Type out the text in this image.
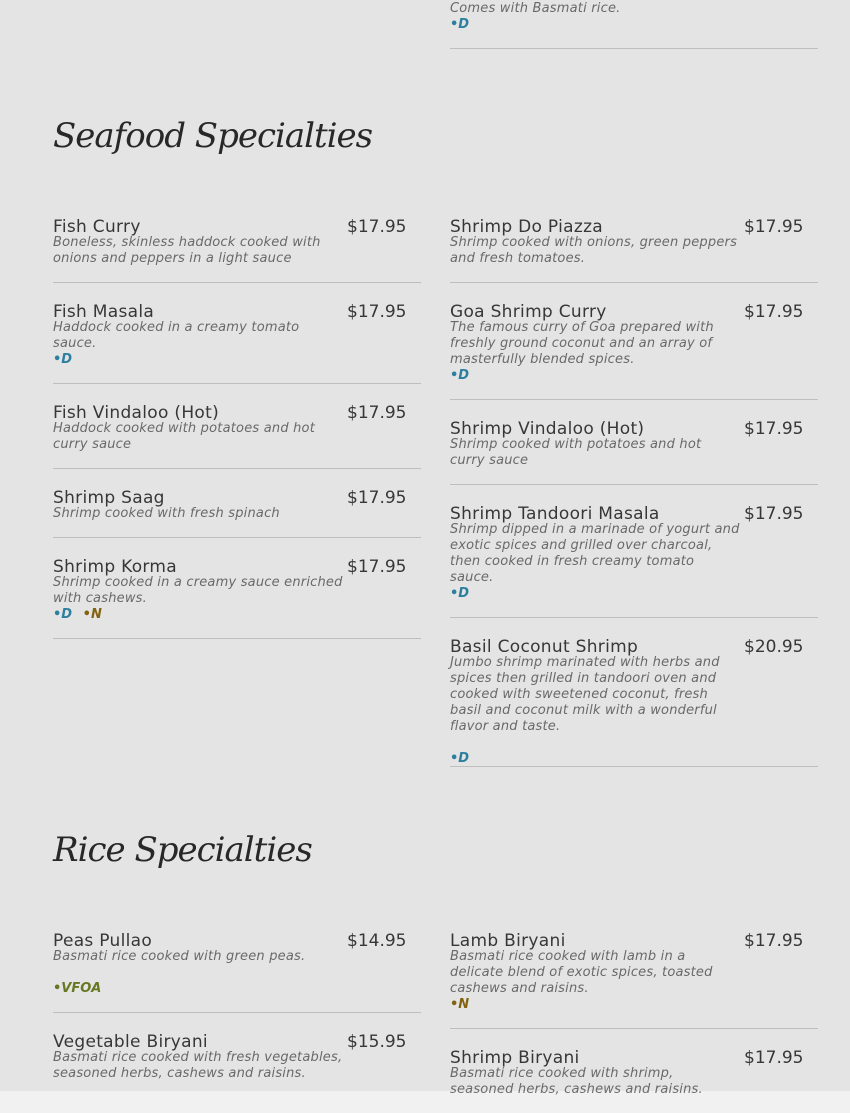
Comes with Basmati rice.
•D
Seafood Specialties
Fish Curry	$17.95
Boneless, skinless haddock cooked with onions and peppers in a light sauce
Fish Masala	$17.95
Haddock cooked in a creamy tomato sauce.
•D
Fish Vindaloo (Hot)	$17.95
Haddock cooked with potatoes and hot curry sauce
Shrimp Saag	$17.95
Shrimp cooked with fresh spinach
Shrimp Korma	$17.95
Shrimp cooked in a creamy sauce enriched with cashews.
•D •N
Shrimp Do Piazza	$17.95
Shrimp cooked with onions, green peppers and fresh tomatoes.
Goa Shrimp Curry	$17.95
The famous curry of Goa prepared with freshly ground coconut and an array of masterfully blended spices.
•D
Shrimp Vindaloo (Hot)	$17.95
Shrimp cooked with potatoes and hot curry sauce
Shrimp Tandoori Masala	$17.95
Shrimp dipped in a marinade of yogurt and exotic spices and grilled over charcoal, then cooked in fresh creamy tomato sauce.
•D
Basil Coconut Shrimp	$20.95
Jumbo shrimp marinated with herbs and spices then grilled in tandoori oven and cooked with sweetened coconut, fresh basil and coconut milk with a wonderful flavor and taste.
•D
Rice Specialties
Peas Pullao	$14.95
Basmati rice cooked with green peas.
•VFOA
Vegetable Biryani	$15.95
Basmati rice cooked with fresh vegetables, seasoned herbs, cashews and raisins.
Lamb Biryani	$17.95
Basmati rice cooked with lamb in a delicate blend of exotic spices, toasted cashews and raisins.
•N
Shrimp Biryani	$17.95
Basmati rice cooked with shrimp, seasoned herbs, cashews and raisins.
